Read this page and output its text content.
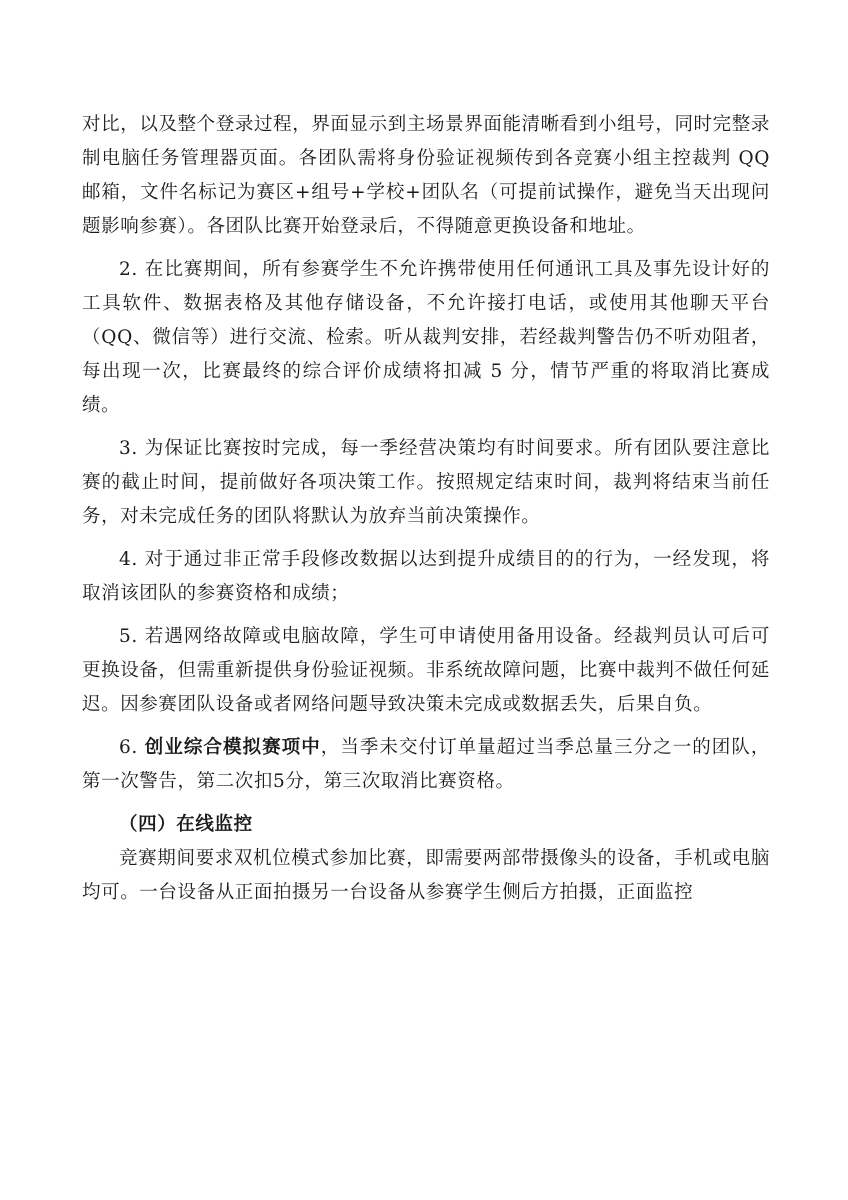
对比，以及整个登录过程，界面显示到主场景界面能清晰看到小组号，同时完整录制电脑任务管理器页面。各团队需将身份验证视频传到各竞赛小组主控裁判 QQ 邮箱，文件名标记为赛区+组号+学校+团队名（可提前试操作，避免当天出现问题影响参赛）。各团队比赛开始登录后，不得随意更换设备和地址。

2. 在比赛期间，所有参赛学生不允许携带使用任何通讯工具及事先设计好的工具软件、数据表格及其他存储设备，不允许接打电话，或使用其他聊天平台（QQ、微信等）进行交流、检索。听从裁判安排，若经裁判警告仍不听劝阻者，每出现一次，比赛最终的综合评价成绩将扣减 5 分，情节严重的将取消比赛成绩。

3. 为保证比赛按时完成，每一季经营决策均有时间要求。所有团队要注意比赛的截止时间，提前做好各项决策工作。按照规定结束时间，裁判将结束当前任务，对未完成任务的团队将默认为放弃当前决策操作。

4. 对于通过非正常手段修改数据以达到提升成绩目的的行为，一经发现，将取消该团队的参赛资格和成绩；

5. 若遇网络故障或电脑故障，学生可申请使用备用设备。经裁判员认可后可更换设备，但需重新提供身份验证视频。非系统故障问题，比赛中裁判不做任何延迟。因参赛团队设备或者网络问题导致决策未完成或数据丢失，后果自负。

6. 创业综合模拟赛项中，当季未交付订单量超过当季总量三分之一的团队，第一次警告，第二次扣5分，第三次取消比赛资格。

（四）在线监控

竞赛期间要求双机位模式参加比赛，即需要两部带摄像头的设备，手机或电脑均可。一台设备从正面拍摄另一台设备从参赛学生侧后方拍摄，正面监控
